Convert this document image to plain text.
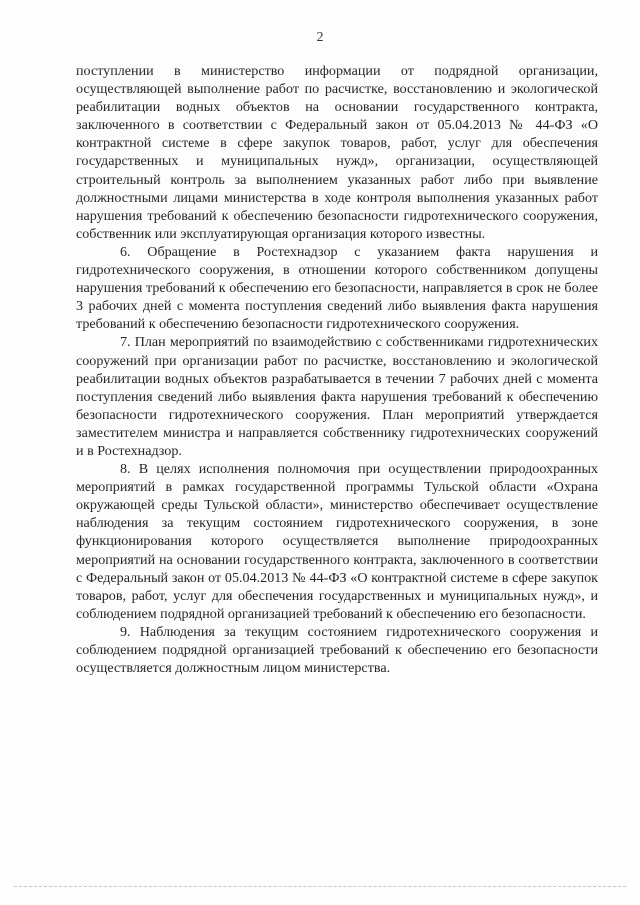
2

поступлении в министерство информации от подрядной организации, осуществляющей выполнение работ по расчистке, восстановлению и экологической реабилитации водных объектов на основании государственного контракта, заключенного в соответствии с Федеральный закон от 05.04.2013 № 44-ФЗ «О контрактной системе в сфере закупок товаров, работ, услуг для обеспечения государственных и муниципальных нужд», организации, осуществляющей строительный контроль за выполнением указанных работ либо при выявление должностными лицами министерства в ходе контроля выполнения указанных работ нарушения требований к обеспечению безопасности гидротехнического сооружения, собственник или эксплуатирующая организация которого известны.

6. Обращение в Ростехнадзор с указанием факта нарушения и гидротехнического сооружения, в отношении которого собственником допущены нарушения требований к обеспечению его безопасности, направляется в срок не более 3 рабочих дней с момента поступления сведений либо выявления факта нарушения требований к обеспечению безопасности гидротехнического сооружения.

7. План мероприятий по взаимодействию с собственниками гидротехнических сооружений при организации работ по расчистке, восстановлению и экологической реабилитации водных объектов разрабатывается в течении 7 рабочих дней с момента поступления сведений либо выявления факта нарушения требований к обеспечению безопасности гидротехнического сооружения. План мероприятий утверждается заместителем министра и направляется собственнику гидротехнических сооружений и в Ростехнадзор.

8. В целях исполнения полномочия при осуществлении природоохранных мероприятий в рамках государственной программы Тульской области «Охрана окружающей среды Тульской области», министерство обеспечивает осуществление наблюдения за текущим состоянием гидротехнического сооружения, в зоне функционирования которого осуществляется выполнение природоохранных мероприятий на основании государственного контракта, заключенного в соответствии с Федеральный закон от 05.04.2013 № 44-ФЗ «О контрактной системе в сфере закупок товаров, работ, услуг для обеспечения государственных и муниципальных нужд», и соблюдением подрядной организацией требований к обеспечению его безопасности.

9. Наблюдения за текущим состоянием гидротехнического сооружения и соблюдением подрядной организацией требований к обеспечению его безопасности осуществляется должностным лицом министерства.
